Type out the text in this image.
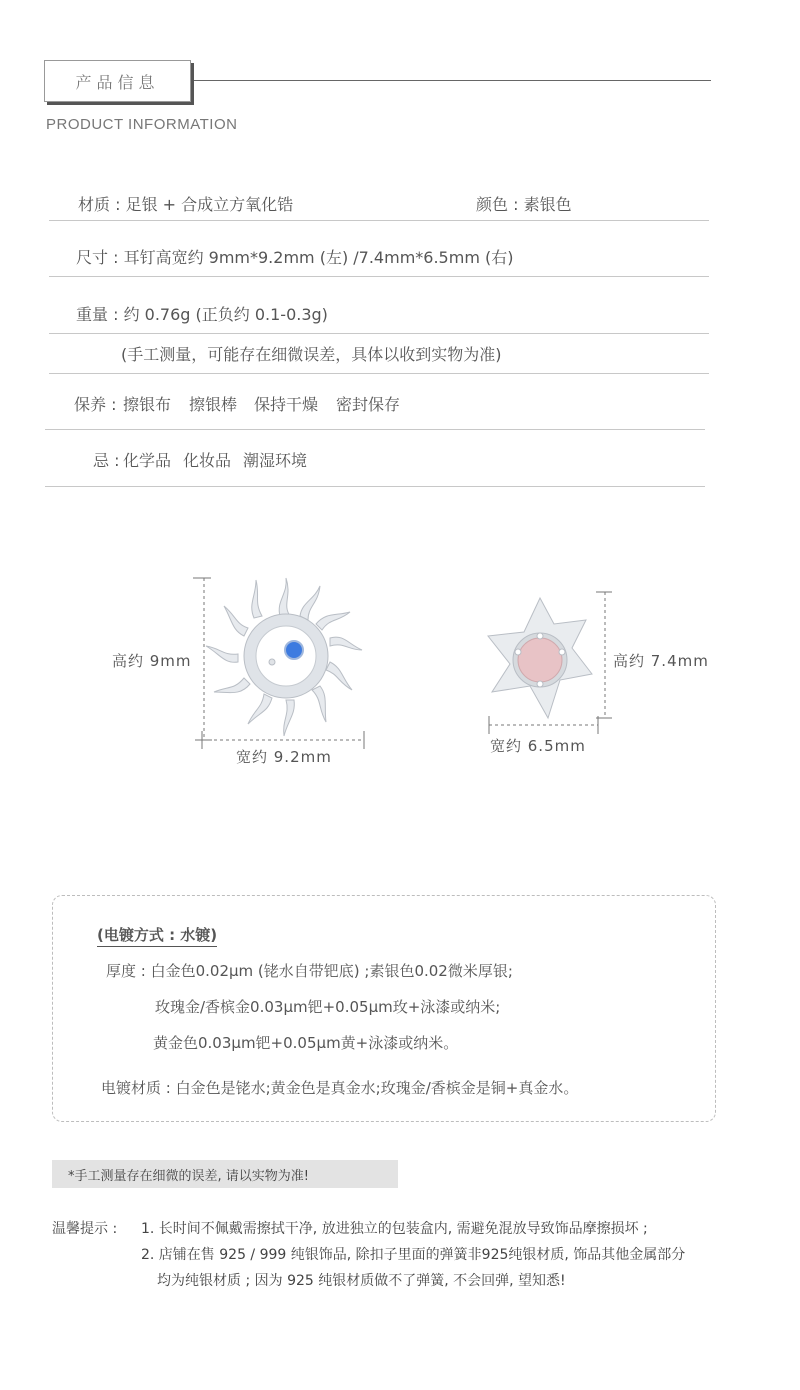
产品信息
PRODUCT INFORMATION
材质 : 足银 + 合成立方氧化锆	颜色 : 素银色
尺寸 : 耳钉高宽约 9mm*9.2mm (左) /7.4mm*6.5mm (右)
重量 : 约 0.76g (正负约 0.1-0.3g)
(手工测量，可能存在细微误差，具体以收到实物为准)
保养 : 擦银布 擦银棒 保持干燥 密封保存
忌 : 化学品 化妆品 潮湿环境
高约 9mm
宽约 9.2mm
高约 7.4mm
宽约 6.5mm
(电镀方式 : 水镀)
厚度 : 白金色0.02μm (铑水自带钯底) ;素银色0.02微米厚银;
玫瑰金/香槟金0.03μm钯+0.05μm玫+泳漆或纳米;
黄金色0.03μm钯+0.05μm黄+泳漆或纳米。
电镀材质 : 白金色是铑水;黄金色是真金水;玫瑰金/香槟金是铜+真金水。
*手工测量存在细微的误差, 请以实物为准!
温馨提示 : 1. 长时间不佩戴需擦拭干净, 放进独立的包装盒内, 需避免混放导致饰品摩擦损坏 ;
2. 店铺在售 925 / 999 纯银饰品, 除扣子里面的弹簧非925纯银材质, 饰品其他金属部分
均为纯银材质 ; 因为 925 纯银材质做不了弹簧, 不会回弹, 望知悉!
